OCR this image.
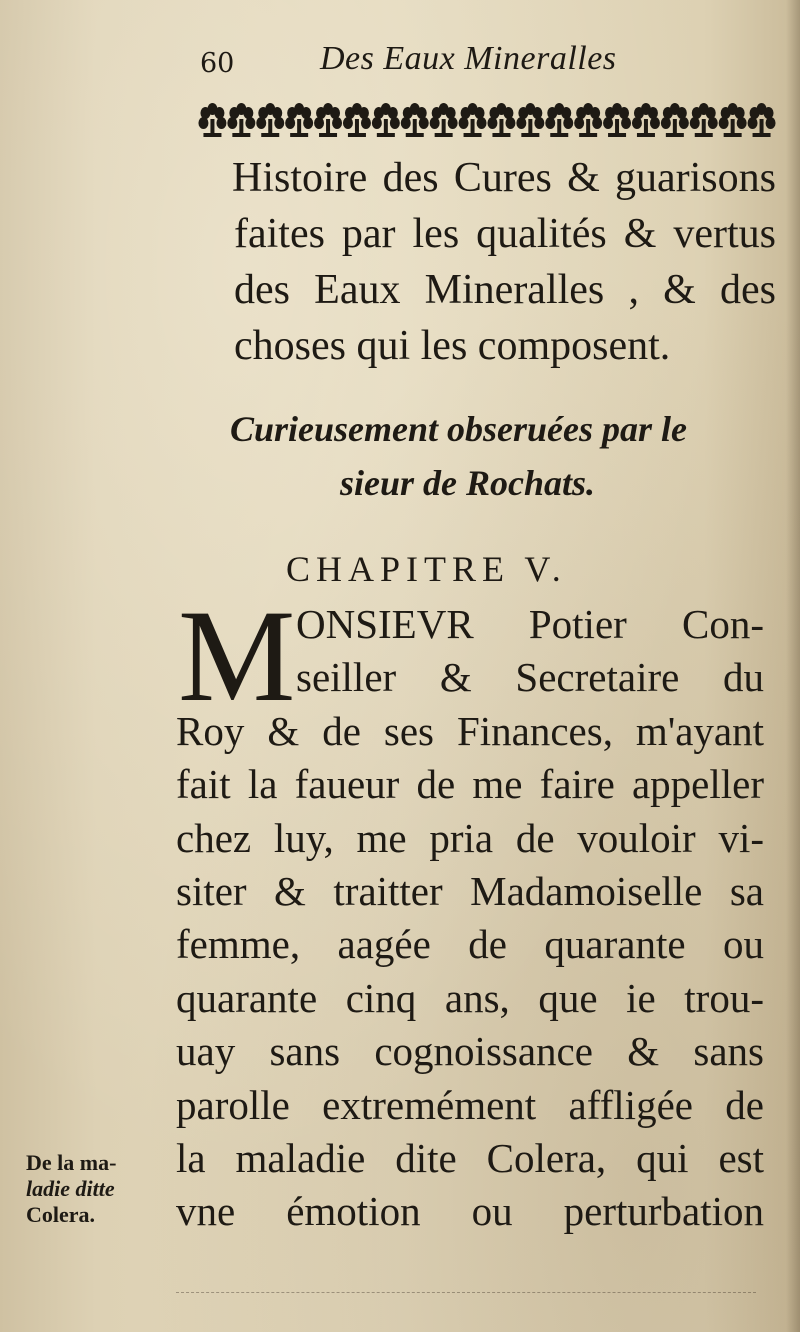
60	Des Eaux Mineralles
Histoire des Cures & guarisons
faites par les qualités & vertus
des Eaux Mineralles , & des
choses qui les composent.
Curieusement obseruées par le
sieur de Rochats.
CHAPITRE V.
M ONSIEVR Potier Con-
seiller & Secretaire du
Roy & de ses Finances, m'ayant
fait la faueur de me faire appeller
chez luy, me pria de vouloir vi-
siter & traitter Madamoiselle sa
femme, aagée de quarante ou
quarante cinq ans, que ie trou-
uay sans cognoissance & sans
parolle extremément affligée de
la maladie dite Colera, qui est
vne émotion ou perturbation
De la ma-
ladie ditte
Colera.
